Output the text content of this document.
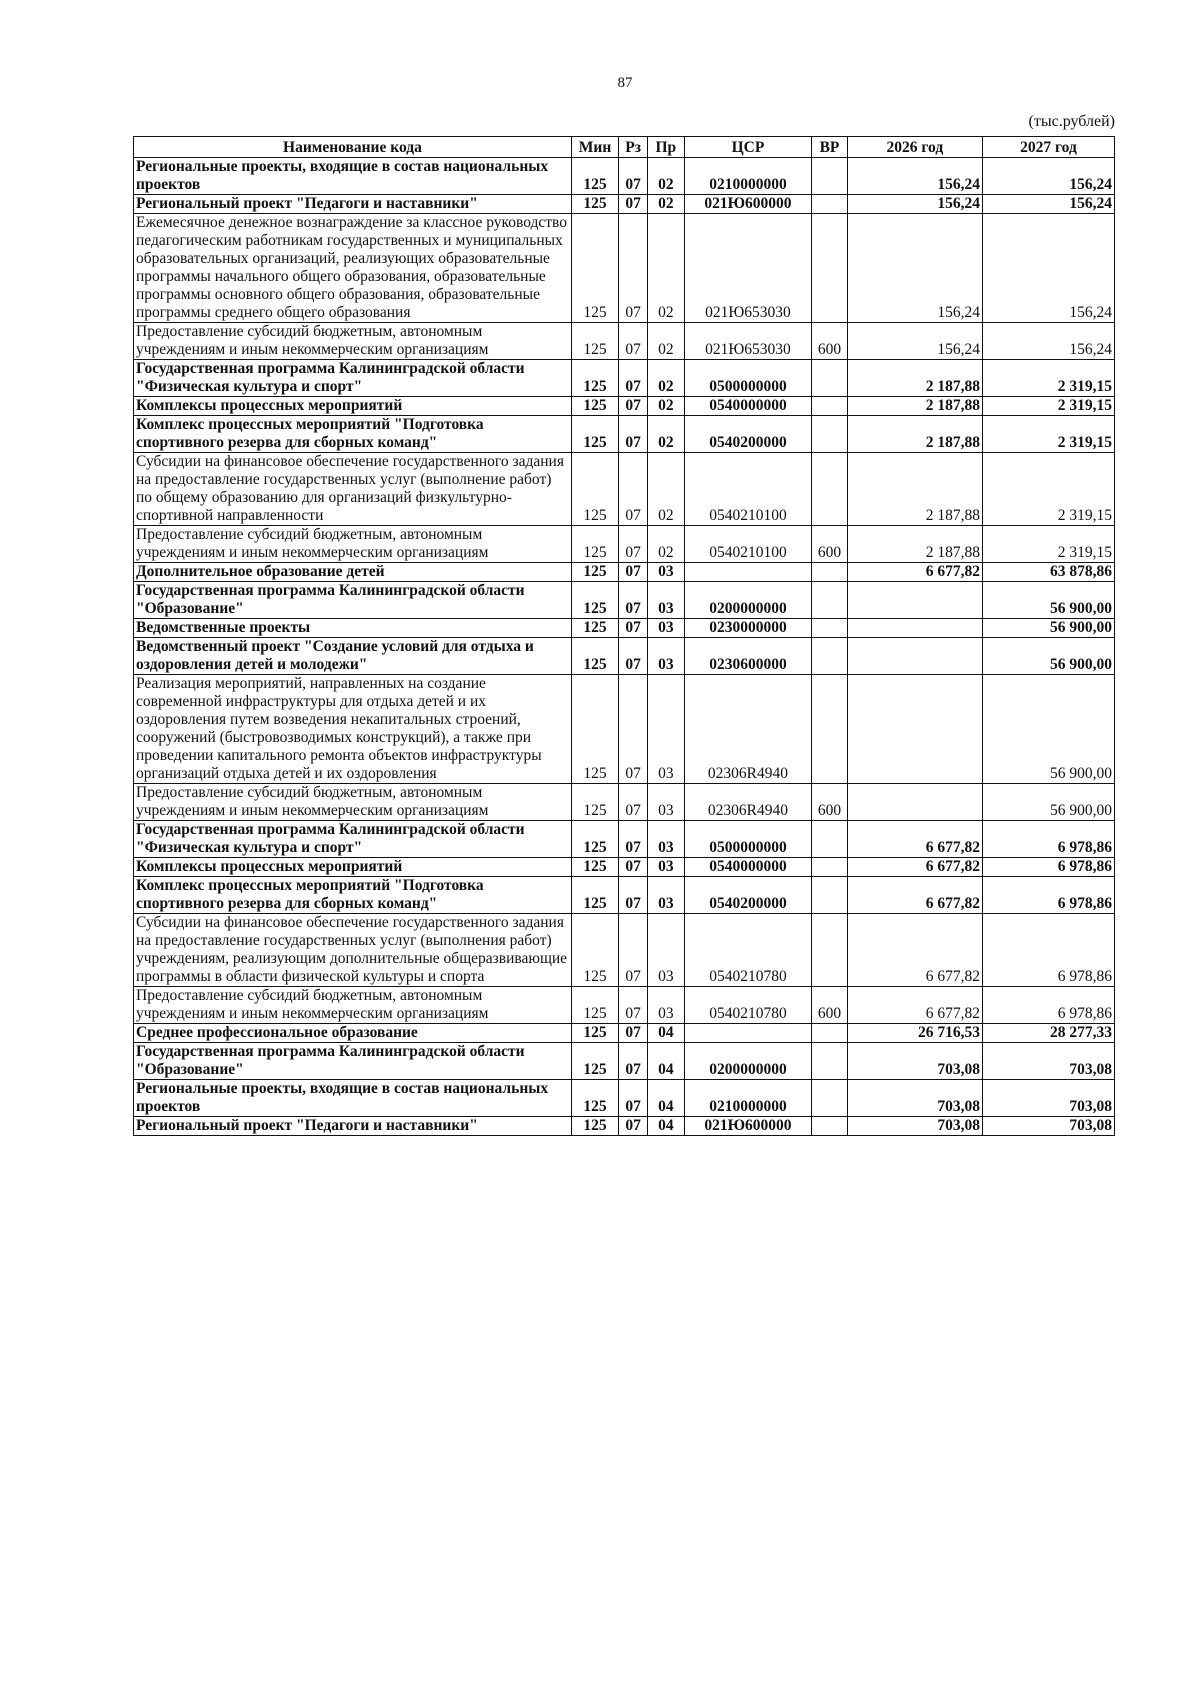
87
(тыс.рублей)
Наименование кода	Мин	Рз	Пр	ЦСР	ВР	2026 год	2027 год
Региональные проекты, входящие в состав национальных проектов	125	07	02	0210000000		156,24	156,24
Региональный проект "Педагоги и наставники"	125	07	02	021Ю600000		156,24	156,24
Ежемесячное денежное вознаграждение за классное руководство педагогическим работникам государственных и муниципальных образовательных организаций, реализующих образовательные программы начального общего образования, образовательные программы основного общего образования, образовательные программы среднего общего образования	125	07	02	021Ю653030		156,24	156,24
Предоставление субсидий бюджетным, автономным учреждениям и иным некоммерческим организациям	125	07	02	021Ю653030	600	156,24	156,24
Государственная программа Калининградской области "Физическая культура и спорт"	125	07	02	0500000000		2 187,88	2 319,15
Комплексы процессных мероприятий	125	07	02	0540000000		2 187,88	2 319,15
Комплекс процессных мероприятий "Подготовка спортивного резерва для сборных команд"	125	07	02	0540200000		2 187,88	2 319,15
Субсидии на финансовое обеспечение государственного задания на предоставление государственных услуг (выполнение работ) по общему образованию для организаций физкультурно-спортивной направленности	125	07	02	0540210100		2 187,88	2 319,15
Предоставление субсидий бюджетным, автономным учреждениям и иным некоммерческим организациям	125	07	02	0540210100	600	2 187,88	2 319,15
Дополнительное образование детей	125	07	03			6 677,82	63 878,86
Государственная программа Калининградской области "Образование"	125	07	03	0200000000			56 900,00
Ведомственные проекты	125	07	03	0230000000			56 900,00
Ведомственный проект "Создание условий для отдыха и оздоровления детей и молодежи"	125	07	03	0230600000			56 900,00
Реализация мероприятий, направленных на создание современной инфраструктуры для отдыха детей и их оздоровления путем возведения некапитальных строений, сооружений (быстровозводимых конструкций), а также при проведении капитального ремонта объектов инфраструктуры организаций отдыха детей и их оздоровления	125	07	03	02306R4940			56 900,00
Предоставление субсидий бюджетным, автономным учреждениям и иным некоммерческим организациям	125	07	03	02306R4940	600		56 900,00
Государственная программа Калининградской области "Физическая культура и спорт"	125	07	03	0500000000		6 677,82	6 978,86
Комплексы процессных мероприятий	125	07	03	0540000000		6 677,82	6 978,86
Комплекс процессных мероприятий "Подготовка спортивного резерва для сборных команд"	125	07	03	0540200000		6 677,82	6 978,86
Субсидии на финансовое обеспечение государственного задания на предоставление государственных услуг (выполнения работ) учреждениям, реализующим дополнительные общеразвивающие программы в области физической культуры и спорта	125	07	03	0540210780		6 677,82	6 978,86
Предоставление субсидий бюджетным, автономным учреждениям и иным некоммерческим организациям	125	07	03	0540210780	600	6 677,82	6 978,86
Среднее профессиональное образование	125	07	04			26 716,53	28 277,33
Государственная программа Калининградской области "Образование"	125	07	04	0200000000		703,08	703,08
Региональные проекты, входящие в состав национальных проектов	125	07	04	0210000000		703,08	703,08
Региональный проект "Педагоги и наставники"	125	07	04	021Ю600000		703,08	703,08
